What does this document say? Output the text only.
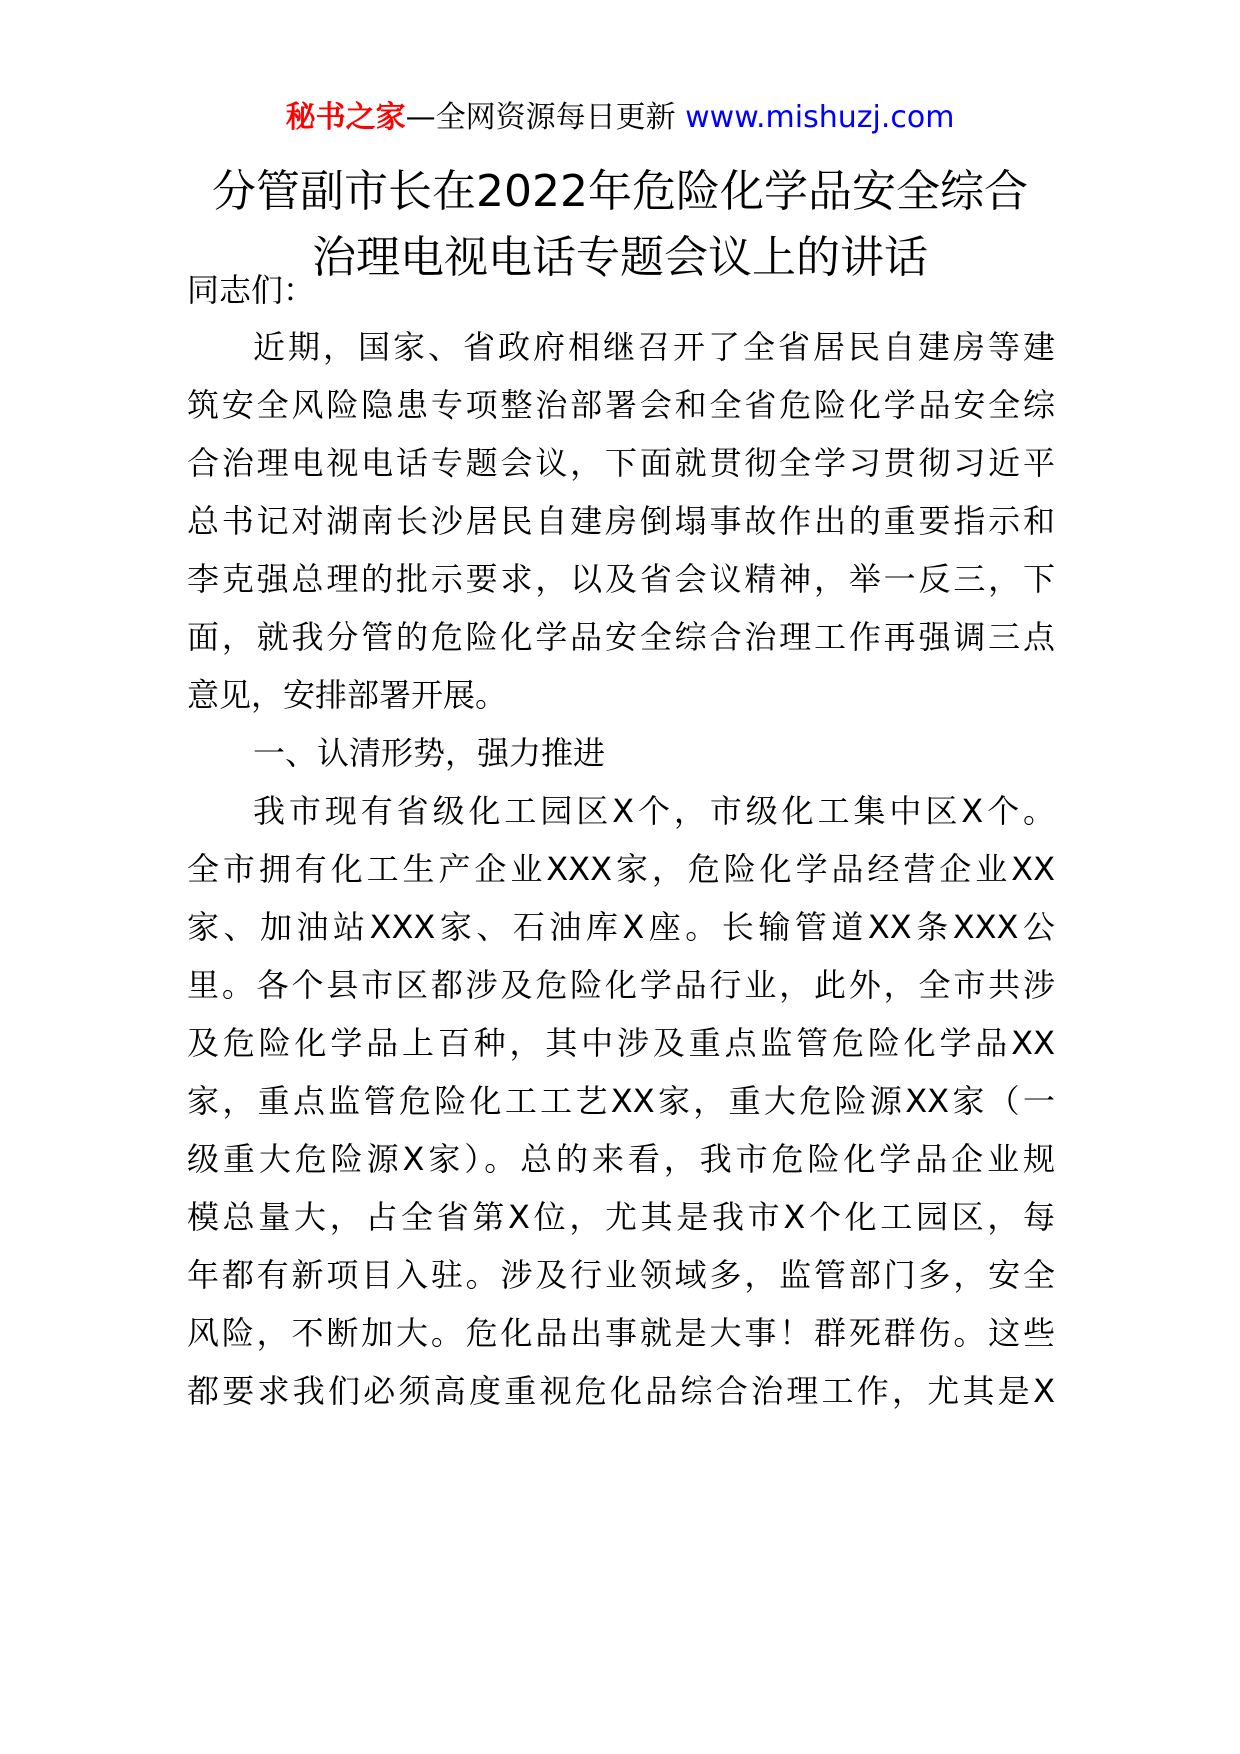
秘书之家—全网资源每日更新 www.mishuzj.com
分管副市长在2022年危险化学品安全综合
治理电视电话专题会议上的讲话
同志们：
近期，国家、省政府相继召开了全省居民自建房等建
筑安全风险隐患专项整治部署会和全省危险化学品安全综
合治理电视电话专题会议，下面就贯彻全学习贯彻习近平
总书记对湖南长沙居民自建房倒塌事故作出的重要指示和
李克强总理的批示要求，以及省会议精神，举一反三，下
面，就我分管的危险化学品安全综合治理工作再强调三点
意见，安排部署开展。
一、认清形势，强力推进
我市现有省级化工园区X个，市级化工集中区X个。
全市拥有化工生产企业XXX家，危险化学品经营企业XX
家、加油站XXX家、石油库X座。长输管道XX条XXX公
里。各个县市区都涉及危险化学品行业，此外，全市共涉
及危险化学品上百种，其中涉及重点监管危险化学品XX
家，重点监管危险化工工艺XX家，重大危险源XX家（一
级重大危险源X家）。总的来看，我市危险化学品企业规
模总量大，占全省第X位，尤其是我市X个化工园区，每
年都有新项目入驻。涉及行业领域多，监管部门多，安全
风险，不断加大。危化品出事就是大事！群死群伤。这些
都要求我们必须高度重视危化品综合治理工作，尤其是X
